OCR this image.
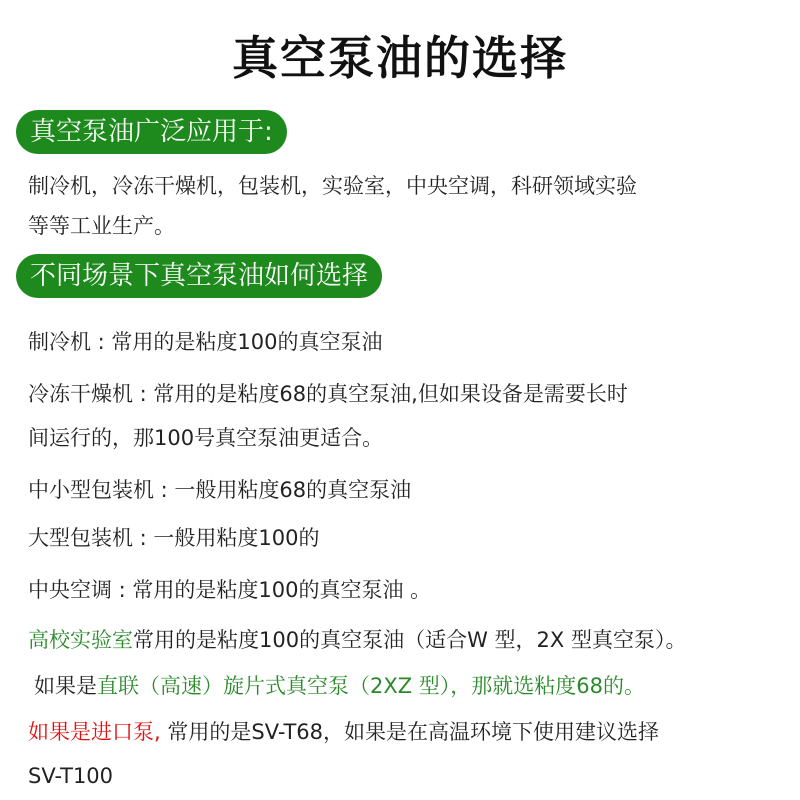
真空泵油的选择
真空泵油广泛应用于:
制冷机，冷冻干燥机，包装机，实验室，中央空调，科研领域实验
等等工业生产。
不同场景下真空泵油如何选择
制冷机 : 常用的是粘度100的真空泵油
冷冻干燥机 : 常用的是粘度68的真空泵油,但如果设备是需要长时
间运行的，那100号真空泵油更适合。
中小型包装机 : 一般用粘度68的真空泵油
大型包装机 : 一般用粘度100的
中央空调 : 常用的是粘度100的真空泵油 。
高校实验室常用的是粘度100的真空泵油（适合W 型，2X 型真空泵）。
如果是直联（高速）旋片式真空泵（2XZ 型），那就选粘度68的。
如果是进口泵, 常用的是SV-T68，如果是在高温环境下使用建议选择
SV-T100
